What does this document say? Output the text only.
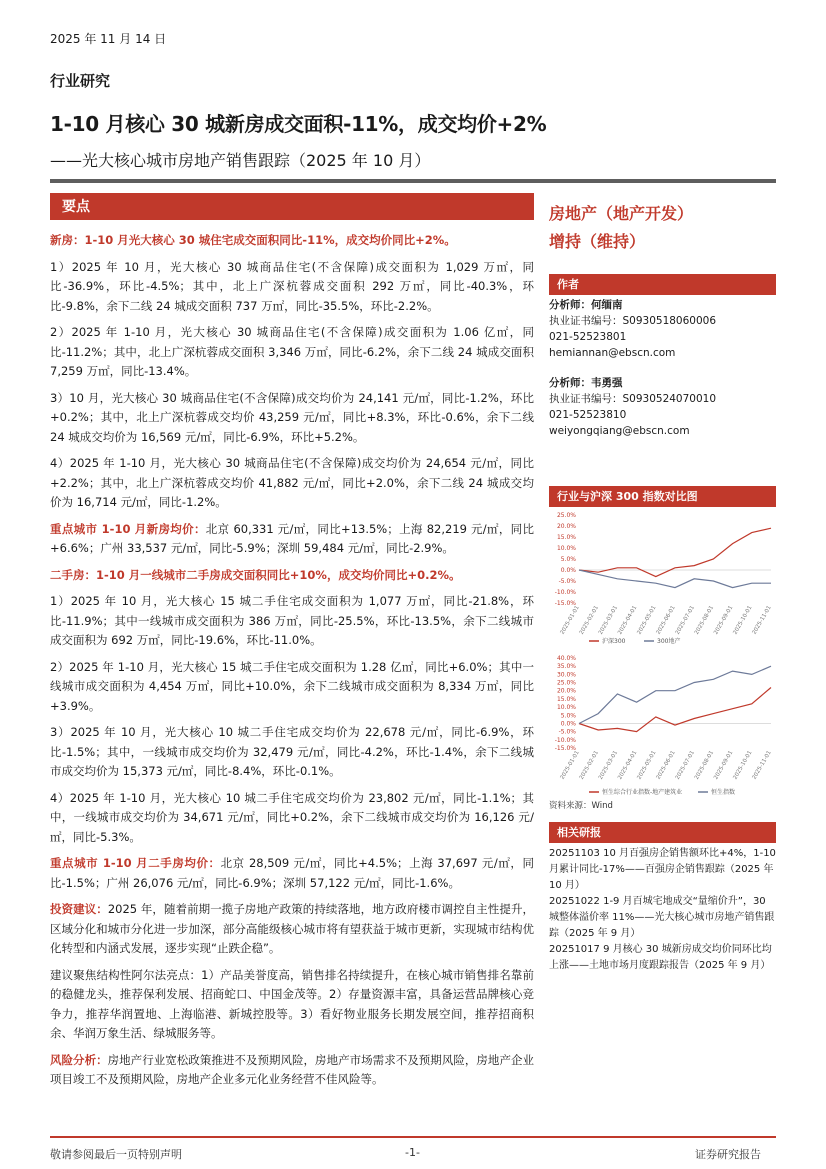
2025 年 11 月 14 日
行业研究
1-10 月核心 30 城新房成交面积-11%，成交均价+2%
——光大核心城市房地产销售跟踪（2025 年 10 月）
要点

新房：1-10 月光大核心 30 城住宅成交面积同比-11%，成交均价同比+2%。

1）2025 年 10 月，光大核心 30 城商品住宅(不含保障)成交面积为 1,029 万㎡，同比-36.9%，环比-4.5%；其中，北上广深杭蓉成交面积 292 万㎡，同比-40.3%，环比-9.8%，余下二线 24 城成交面积 737 万㎡，同比-35.5%，环比-2.2%。

2）2025 年 1-10 月，光大核心 30 城商品住宅(不含保障)成交面积为 1.06 亿㎡，同比-11.2%；其中，北上广深杭蓉成交面积 3,346 万㎡，同比-6.2%，余下二线 24 城成交面积 7,259 万㎡，同比-13.4%。

3）10 月，光大核心 30 城商品住宅(不含保障)成交均价为 24,141 元/㎡，同比-1.2%，环比+0.2%；其中，北上广深杭蓉成交均价 43,259 元/㎡，同比+8.3%，环比-0.6%，余下二线 24 城成交均价为 16,569 元/㎡，同比-6.9%，环比+5.2%。

4）2025 年 1-10 月，光大核心 30 城商品住宅(不含保障)成交均价为 24,654 元/㎡，同比+2.2%；其中，北上广深杭蓉成交均价 41,882 元/㎡，同比+2.0%，余下二线 24 城成交均价为 16,714 元/㎡，同比-1.2%。

重点城市 1-10 月新房均价：北京 60,331 元/㎡，同比+13.5%；上海 82,219 元/㎡，同比+6.6%；广州 33,537 元/㎡，同比-5.9%；深圳 59,484 元/㎡，同比-2.9%。

二手房：1-10 月一线城市二手房成交面积同比+10%，成交均价同比+0.2%。

1）2025 年 10 月，光大核心 15 城二手住宅成交面积为 1,077 万㎡，同比-21.8%，环比-11.9%；其中一线城市成交面积为 386 万㎡，同比-25.5%，环比-13.5%，余下二线城市成交面积为 692 万㎡，同比-19.6%，环比-11.0%。

2）2025 年 1-10 月，光大核心 15 城二手住宅成交面积为 1.28 亿㎡，同比+6.0%；其中一线城市成交面积为 4,454 万㎡，同比+10.0%，余下二线城市成交面积为 8,334 万㎡，同比+3.9%。

3）2025 年 10 月，光大核心 10 城二手住宅成交均价为 22,678 元/㎡，同比-6.9%，环比-1.5%；其中，一线城市成交均价为 32,479 元/㎡，同比-4.2%，环比-1.4%，余下二线城市成交均价为 15,373 元/㎡，同比-8.4%，环比-0.1%。

4）2025 年 1-10 月，光大核心 10 城二手住宅成交均价为 23,802 元/㎡，同比-1.1%；其中，一线城市成交均价为 34,671 元/㎡，同比+0.2%，余下二线城市成交均价为 16,126 元/㎡，同比-5.3%。

重点城市 1-10 月二手房均价：北京 28,509 元/㎡，同比+4.5%；上海 37,697 元/㎡，同比-1.5%；广州 26,076 元/㎡，同比-6.9%；深圳 57,122 元/㎡，同比-1.6%。

投资建议：2025 年，随着前期一揽子房地产政策的持续落地，地方政府楼市调控自主性提升，区域分化和城市分化进一步加深，部分高能级核心城市将有望获益于城市更新，实现城市结构优化转型和内涵式发展，逐步实现“止跌企稳”。

建议聚焦结构性阿尔法亮点：1）产品美誉度高，销售排名持续提升，在核心城市销售排名靠前的稳健龙头，推荐保利发展、招商蛇口、中国金茂等。2）存量资源丰富，具备运营品牌核心竞争力，推荐华润置地、上海临港、新城控股等。3）看好物业服务长期发展空间，推荐招商积余、华润万象生活、绿城服务等。

风险分析：房地产行业宽松政策推进不及预期风险，房地产市场需求不及预期风险，房地产企业项目竣工不及预期风险，房地产企业多元化业务经营不佳风险等。

房地产（地产开发）
增持（维持）
作者
分析师：何缅南
执业证书编号：S0930518060006
021-52523801
hemiannan@ebscn.com
分析师：韦勇强
执业证书编号：S0930524070010
021-52523810
weiyongqiang@ebscn.com
行业与沪深 300 指数对比图
25.0%
20.0%
15.0%
10.0%
5.0%
0.0%
-5.0%
-10.0%
-15.0%
2025-01-01
2025-02-01
2025-03-01
2025-04-01
2025-05-01
2025-06-01
2025-07-01
2025-08-01
2025-09-01
2025-10-01
2025-11-01
沪深300	300地产

40.0%
35.0%
30.0%
25.0%
20.0%
15.0%
10.0%
5.0%
0.0%
-5.0%
-10.0%
-15.0%
2025-01-01
2025-02-01
2025-03-01
2025-04-01
2025-05-01
2025-06-01
2025-07-01
2025-08-01
2025-09-01
2025-10-01
2025-11-01
恒生综合行业指数-地产建筑业	恒生指数
资料来源：Wind
相关研报

20251103 10 月百强房企销售额环比+4%，1-10 月累计同比-17%——百强房企销售跟踪（2025 年 10 月）

20251022 1-9 月百城宅地成交“量缩价升”，30 城整体溢价率 11%——光大核心城市房地产销售跟踪（2025 年 9 月）

20251017 9 月核心 30 城新房成交均价同环比均上涨——土地市场月度跟踪报告（2025 年 9 月）

敬请参阅最后一页特别声明	-1-	证券研究报告
